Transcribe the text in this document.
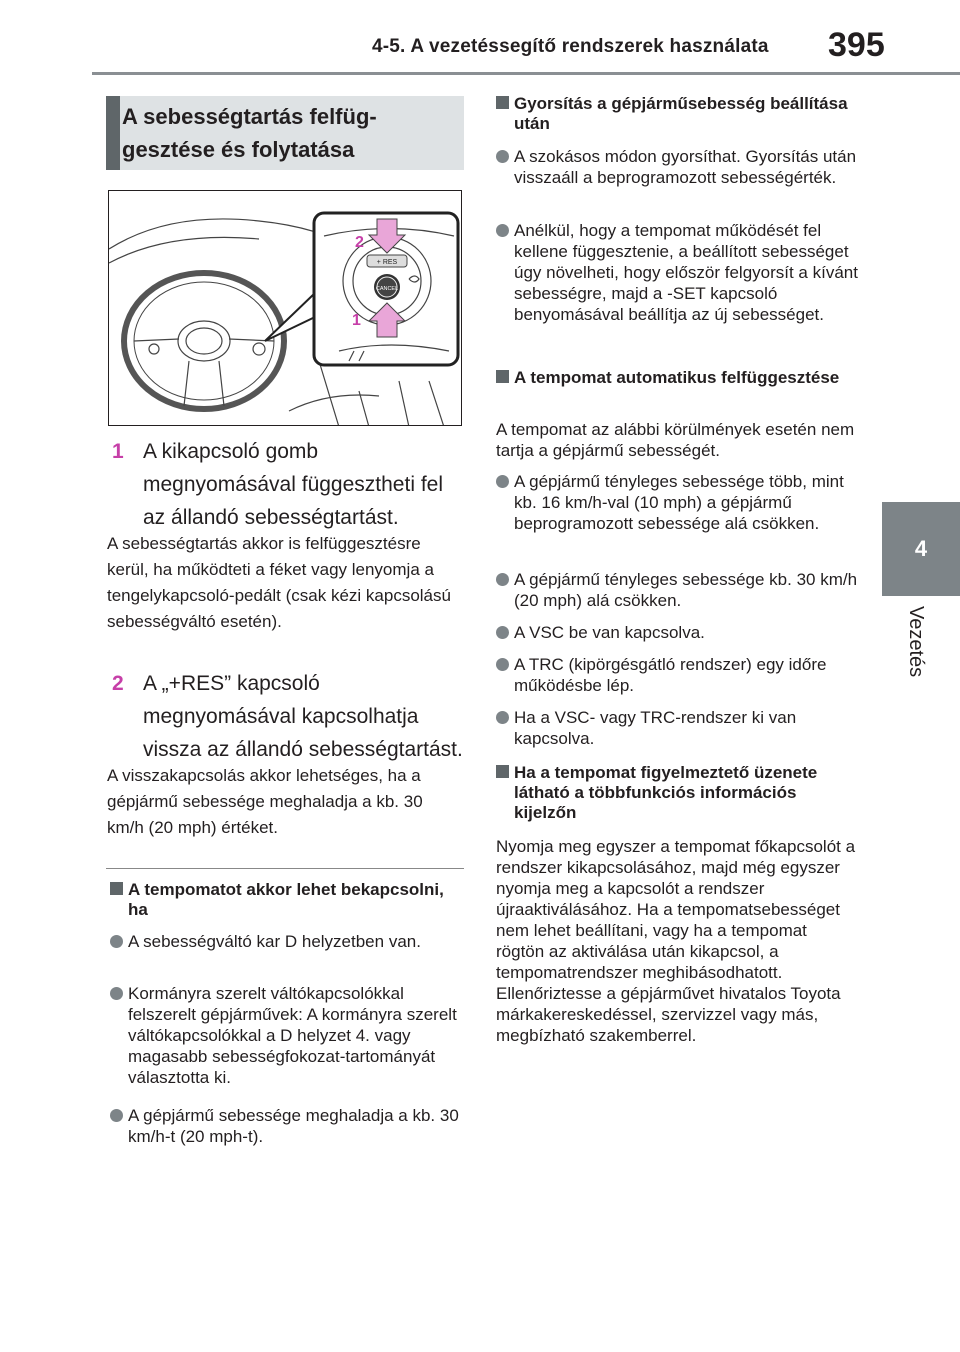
4-5. A vezetéssegítő rendszerek használata 395
4
Vezetés
A sebességtartás felfüg-gesztése és folytatása
+ RES
CANCEL
2
1
1 A kikapcsoló gomb megnyomásával függesztheti fel az állandó sebességtartást.
A sebességtartás akkor is felfüggesztésre kerül, ha működteti a féket vagy lenyomja a tengelykapcsoló-pedált (csak kézi kapcsolású sebességváltó esetén).
2 A „+RES” kapcsoló megnyomásával kapcsolhatja vissza az állandó sebességtartást.
A visszakapcsolás akkor lehetséges, ha a gépjármű sebessége meghaladja a kb. 30 km/h (20 mph) értéket.
A tempomatot akkor lehet bekapcsolni, ha
A sebességváltó kar D helyzetben van.
Kormányra szerelt váltókapcsolókkal felszerelt gépjárművek: A kormányra szerelt váltókapcsolókkal a D helyzet 4. vagy magasabb sebességfokozat-tartományát választotta ki.
A gépjármű sebessége meghaladja a kb. 30 km/h-t (20 mph-t).
Gyorsítás a gépjárműsebesség beállítása után
A szokásos módon gyorsíthat. Gyorsítás után visszaáll a beprogramozott sebességérték.
Anélkül, hogy a tempomat működését fel kellene függesztenie, a beállított sebességet úgy növelheti, hogy először felgyorsít a kívánt sebességre, majd a -SET kapcsoló benyomásával beállítja az új sebességet.
A tempomat automatikus felfüggesztése
A tempomat az alábbi körülmények esetén nem tartja a gépjármű sebességét.
A gépjármű tényleges sebessége több, mint kb. 16 km/h-val (10 mph) a gépjármű beprogramozott sebessége alá csökken.
A gépjármű tényleges sebessége kb. 30 km/h (20 mph) alá csökken.
A VSC be van kapcsolva.
A TRC (kipörgésgátló rendszer) egy időre működésbe lép.
Ha a VSC- vagy TRC-rendszer ki van kapcsolva.
Ha a tempomat figyelmeztető üzenete látható a többfunkciós információs kijelzőn
Nyomja meg egyszer a tempomat főkapcsolót a rendszer kikapcsolásához, majd még egyszer nyomja meg a kapcsolót a rendszer újraaktiválásához. Ha a tempomatsebességet nem lehet beállítani, vagy ha a tempomat rögtön az aktiválása után kikapcsol, a tempomatrendszer meghibásodhatott. Ellenőriztesse a gépjárművet hivatalos Toyota márkakereskedéssel, szervizzel vagy más, megbízható szakemberrel.
